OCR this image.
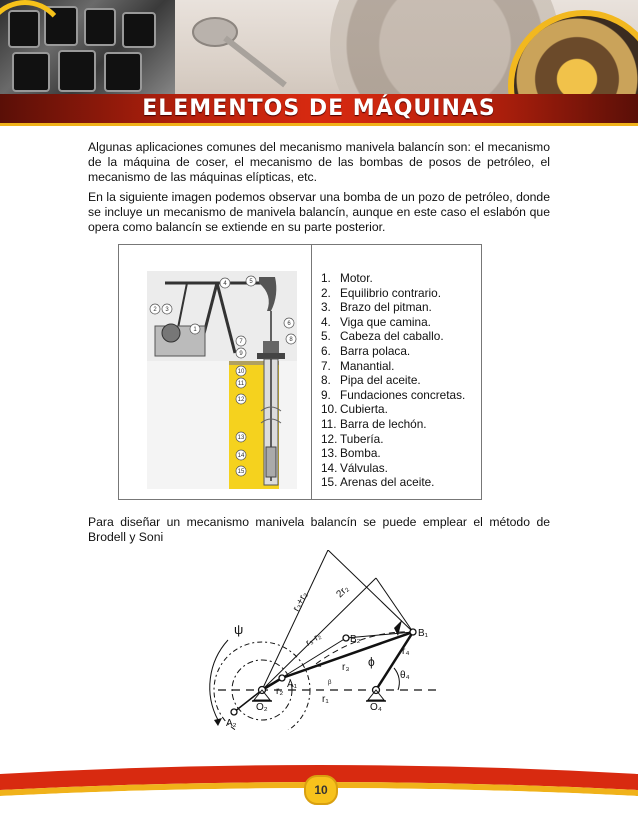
ELEMENTOS DE MÁQUINAS

Algunas aplicaciones comunes del mecanismo manivela balancín son: el mecanismo de la máquina de coser, el mecanismo de las bombas de posos de petróleo, el mecanismo de las máquinas elípticas, etc.

En la siguiente imagen podemos observar una bomba de un pozo de petróleo, donde se incluye un mecanismo de manivela balancín, aunque en este caso el eslabón que opera como balancín se extiende en su parte posterior.

1
2 3
4	5
6
7	8
9
10
11
12
13
14
15
1. Motor.
2. Equilibrio contrario.
3. Brazo del pitman.
4. Viga que camina.
5. Cabeza del caballo.
6. Barra polaca.
7. Manantial.
8. Pipa del aceite.
9. Fundaciones concretas.
10. Cubierta.
11. Barra de lechón.
12. Tubería.
13. Bomba.
14. Válvulas.
15. Arenas del aceite.

Para diseñar un mecanismo manivela balancín se puede emplear el método de Brodell y Soni

ψ
ϕ
θ₄
α
β
r₃+r₂ 2r₂
r₃-r₂
r₃
r₄
r₂
r₁
O₂	O₄
A₁
A₂
B₁
B₂
10
